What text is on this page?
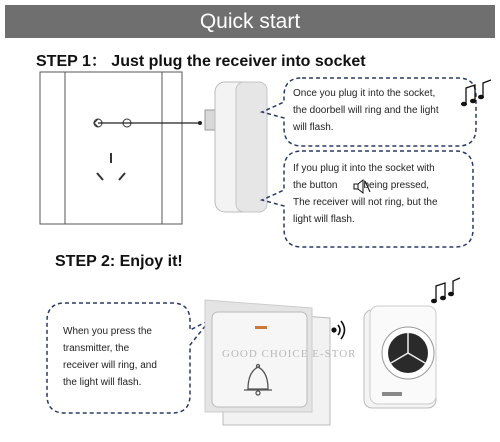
Quick start
STEP 1： Just plug the receiver into socket
STEP 2: Enjoy it!
Once you plug it into the socket,
the doorbell will ring and the light
will flash.
If you plug it into the socket with
the button	being pressed,
The receiver will not ring, but the
light will flash.
When you press the
transmitter, the
receiver will ring, and
the light will flash.
GOOD CHOICE E-STOR
